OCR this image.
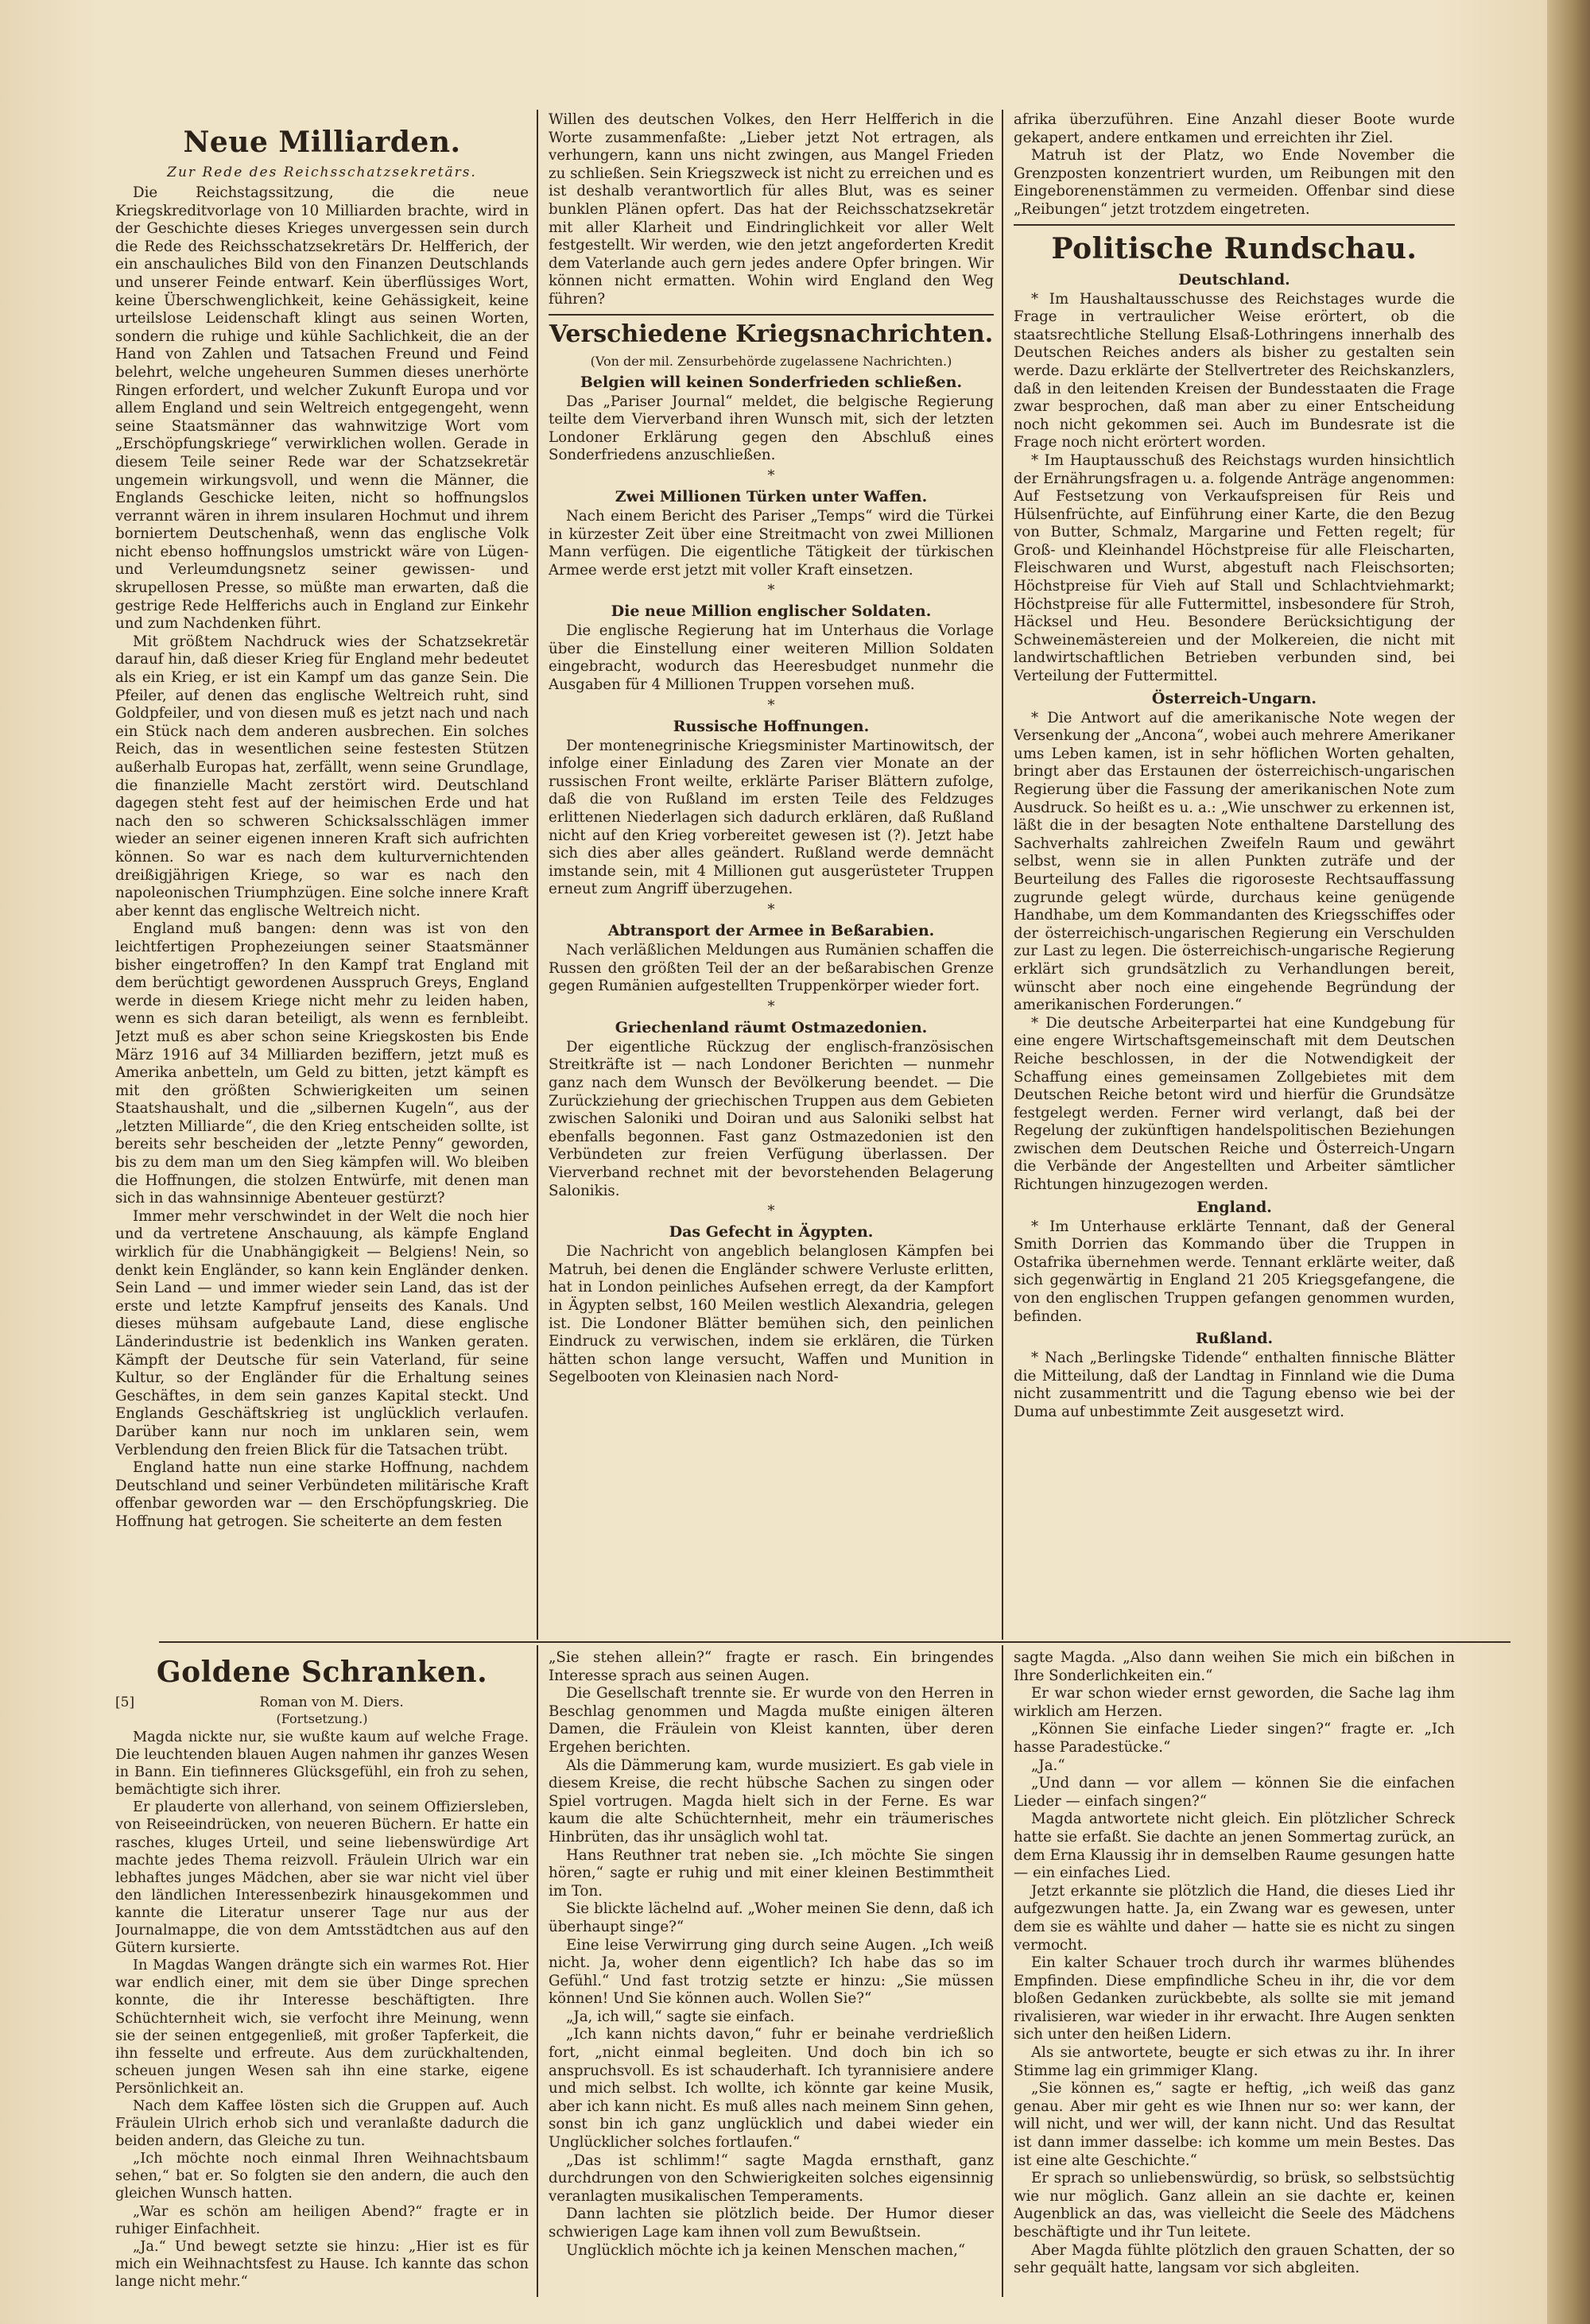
Neue Milliarden.
Zur Rede des Reichsschatzsekretärs.

Die Reichstagssitzung, die die neue Kriegskreditvorlage von 10 Milliarden brachte, wird in der Geschichte dieses Krieges unvergessen sein durch die Rede des Reichsschatzsekretärs Dr. Helfferich, der ein anschauliches Bild von den Finanzen Deutschlands und unserer Feinde entwarf. Kein überflüssiges Wort, keine Überschwenglichkeit, keine Gehässigkeit, keine urteilslose Leidenschaft klingt aus seinen Worten, sondern die ruhige und kühle Sachlichkeit, die an der Hand von Zahlen und Tatsachen Freund und Feind belehrt, welche ungeheuren Summen dieses unerhörte Ringen erfordert, und welcher Zukunft Europa und vor allem England und sein Weltreich entgegengeht, wenn seine Staatsmänner das wahnwitzige Wort vom „Erschöpfungskriege“ verwirklichen wollen. Gerade in diesem Teile seiner Rede war der Schatzsekretär ungemein wirkungsvoll, und wenn die Männer, die Englands Geschicke leiten, nicht so hoffnungslos verrannt wären in ihrem insularen Hochmut und ihrem borniertem Deutschenhaß, wenn das englische Volk nicht ebenso hoffnungslos umstrickt wäre von Lügen- und Verleumdungsnetz seiner gewissen- und skrupellosen Presse, so müßte man erwarten, daß die gestrige Rede Helfferichs auch in England zur Einkehr und zum Nachdenken führt.

Mit größtem Nachdruck wies der Schatzsekretär darauf hin, daß dieser Krieg für England mehr bedeutet als ein Krieg, er ist ein Kampf um das ganze Sein. Die Pfeiler, auf denen das englische Weltreich ruht, sind Goldpfeiler, und von diesen muß es jetzt nach und nach ein Stück nach dem anderen ausbrechen. Ein solches Reich, das in wesentlichen seine festesten Stützen außerhalb Europas hat, zerfällt, wenn seine Grundlage, die finanzielle Macht zerstört wird. Deutschland dagegen steht fest auf der heimischen Erde und hat nach den so schweren Schicksalsschlägen immer wieder an seiner eigenen inneren Kraft sich aufrichten können. So war es nach dem kulturvernichtenden dreißigjährigen Kriege, so war es nach den napoleonischen Triumphzügen. Eine solche innere Kraft aber kennt das englische Weltreich nicht.

England muß bangen: denn was ist von den leichtfertigen Prophezeiungen seiner Staatsmänner bisher eingetroffen? In den Kampf trat England mit dem berüchtigt gewordenen Ausspruch Greys, England werde in diesem Kriege nicht mehr zu leiden haben, wenn es sich daran beteiligt, als wenn es fernbleibt. Jetzt muß es aber schon seine Kriegskosten bis Ende März 1916 auf 34 Milliarden beziffern, jetzt muß es Amerika anbetteln, um Geld zu bitten, jetzt kämpft es mit den größten Schwierigkeiten um seinen Staatshaushalt, und die „silbernen Kugeln“, aus der „letzten Milliarde“, die den Krieg entscheiden sollte, ist bereits sehr bescheiden der „letzte Penny“ geworden, bis zu dem man um den Sieg kämpfen will. Wo bleiben die Hoffnungen, die stolzen Entwürfe, mit denen man sich in das wahnsinnige Abenteuer gestürzt?

Immer mehr verschwindet in der Welt die noch hier und da vertretene Anschauung, als kämpfe England wirklich für die Unabhängigkeit — Belgiens! Nein, so denkt kein Engländer, so kann kein Engländer denken. Sein Land — und immer wieder sein Land, das ist der erste und letzte Kampfruf jenseits des Kanals. Und dieses mühsam aufgebaute Land, diese englische Länderindustrie ist bedenklich ins Wanken geraten. Kämpft der Deutsche für sein Vaterland, für seine Kultur, so der Engländer für die Erhaltung seines Geschäftes, in dem sein ganzes Kapital steckt. Und Englands Geschäftskrieg ist unglücklich verlaufen. Darüber kann nur noch im unklaren sein, wem Verblendung den freien Blick für die Tatsachen trübt.

England hatte nun eine starke Hoffnung, nachdem Deutschland und seiner Verbündeten militärische Kraft offenbar geworden war — den Erschöpfungskrieg. Die Hoffnung hat getrogen. Sie scheiterte an dem festen

Willen des deutschen Volkes, den Herr Helfferich in die Worte zusammenfaßte: „Lieber jetzt Not ertragen, als verhungern, kann uns nicht zwingen, aus Mangel Frieden zu schließen. Sein Kriegszweck ist nicht zu erreichen und es ist deshalb verantwortlich für alles Blut, was es seiner bunklen Plänen opfert. Das hat der Reichsschatzsekretär mit aller Klarheit und Eindringlichkeit vor aller Welt festgestellt. Wir werden, wie den jetzt angeforderten Kredit dem Vaterlande auch gern jedes andere Opfer bringen. Wir können nicht ermatten. Wohin wird England den Weg führen?

Verschiedene Kriegsnachrichten.
(Von der mil. Zensurbehörde zugelassene Nachrichten.)
Belgien will keinen Sonderfrieden schließen.

Das „Pariser Journal“ meldet, die belgische Regierung teilte dem Vierverband ihren Wunsch mit, sich der letzten Londoner Erklärung gegen den Abschluß eines Sonderfriedens anzuschließen.

*
Zwei Millionen Türken unter Waffen.

Nach einem Bericht des Pariser „Temps“ wird die Türkei in kürzester Zeit über eine Streitmacht von zwei Millionen Mann verfügen. Die eigentliche Tätigkeit der türkischen Armee werde erst jetzt mit voller Kraft einsetzen.

*
Die neue Million englischer Soldaten.

Die englische Regierung hat im Unterhaus die Vorlage über die Einstellung einer weiteren Million Soldaten eingebracht, wodurch das Heeresbudget nunmehr die Ausgaben für 4 Millionen Truppen vorsehen muß.

*
Russische Hoffnungen.

Der montenegrinische Kriegsminister Martinowitsch, der infolge einer Einladung des Zaren vier Monate an der russischen Front weilte, erklärte Pariser Blättern zufolge, daß die von Rußland im ersten Teile des Feldzuges erlittenen Niederlagen sich dadurch erklären, daß Rußland nicht auf den Krieg vorbereitet gewesen ist (?). Jetzt habe sich dies aber alles geändert. Rußland werde demnächt imstande sein, mit 4 Millionen gut ausgerüsteter Truppen erneut zum Angriff überzugehen.

*
Abtransport der Armee in Beßarabien.

Nach verläßlichen Meldungen aus Rumänien schaffen die Russen den größten Teil der an der beßarabischen Grenze gegen Rumänien aufgestellten Truppenkörper wieder fort.

*
Griechenland räumt Ostmazedonien.

Der eigentliche Rückzug der englisch-französischen Streitkräfte ist — nach Londoner Berichten — nunmehr ganz nach dem Wunsch der Bevölkerung beendet. — Die Zurückziehung der griechischen Truppen aus dem Gebieten zwischen Saloniki und Doiran und aus Saloniki selbst hat ebenfalls begonnen. Fast ganz Ostmazedonien ist den Verbündeten zur freien Verfügung überlassen. Der Vierverband rechnet mit der bevorstehenden Belagerung Salonikis.

*
Das Gefecht in Ägypten.

Die Nachricht von angeblich belanglosen Kämpfen bei Matruh, bei denen die Engländer schwere Verluste erlitten, hat in London peinliches Aufsehen erregt, da der Kampfort in Ägypten selbst, 160 Meilen westlich Alexandria, gelegen ist. Die Londoner Blätter bemühen sich, den peinlichen Eindruck zu verwischen, indem sie erklären, die Türken hätten schon lange versucht, Waffen und Munition in Segelbooten von Kleinasien nach Nord-

afrika überzuführen. Eine Anzahl dieser Boote wurde gekapert, andere entkamen und erreichten ihr Ziel.

Matruh ist der Platz, wo Ende November die Grenzposten konzentriert wurden, um Reibungen mit den Eingeborenenstämmen zu vermeiden. Offenbar sind diese „Reibungen“ jetzt trotzdem eingetreten.

Politische Rundschau.
Deutschland.

* Im Haushaltausschusse des Reichstages wurde die Frage in vertraulicher Weise erörtert, ob die staatsrechtliche Stellung Elsaß-Lothringens innerhalb des Deutschen Reiches anders als bisher zu gestalten sein werde. Dazu erklärte der Stellvertreter des Reichskanzlers, daß in den leitenden Kreisen der Bundesstaaten die Frage zwar besprochen, daß man aber zu einer Entscheidung noch nicht gekommen sei. Auch im Bundesrate ist die Frage noch nicht erörtert worden.

* Im Hauptausschuß des Reichstags wurden hinsichtlich der Ernährungsfragen u. a. folgende Anträge angenommen: Auf Festsetzung von Verkaufspreisen für Reis und Hülsenfrüchte, auf Einführung einer Karte, die den Bezug von Butter, Schmalz, Margarine und Fetten regelt; für Groß- und Kleinhandel Höchstpreise für alle Fleischarten, Fleischwaren und Wurst, abgestuft nach Fleischsorten; Höchstpreise für Vieh auf Stall und Schlachtviehmarkt; Höchstpreise für alle Futtermittel, insbesondere für Stroh, Häcksel und Heu. Besondere Berücksichtigung der Schweinemästereien und der Molkereien, die nicht mit landwirtschaftlichen Betrieben verbunden sind, bei Verteilung der Futtermittel.

Österreich-Ungarn.

* Die Antwort auf die amerikanische Note wegen der Versenkung der „Ancona“, wobei auch mehrere Amerikaner ums Leben kamen, ist in sehr höflichen Worten gehalten, bringt aber das Erstaunen der österreichisch-ungarischen Regierung über die Fassung der amerikanischen Note zum Ausdruck. So heißt es u. a.: „Wie unschwer zu erkennen ist, läßt die in der besagten Note enthaltene Darstellung des Sachverhalts zahlreichen Zweifeln Raum und gewährt selbst, wenn sie in allen Punkten zuträfe und der Beurteilung des Falles die rigoroseste Rechtsauffassung zugrunde gelegt würde, durchaus keine genügende Handhabe, um dem Kommandanten des Kriegsschiffes oder der österreichisch-ungarischen Regierung ein Verschulden zur Last zu legen. Die österreichisch-ungarische Regierung erklärt sich grundsätzlich zu Verhandlungen bereit, wünscht aber noch eine eingehende Begründung der amerikanischen Forderungen.“

* Die deutsche Arbeiterpartei hat eine Kundgebung für eine engere Wirtschaftsgemeinschaft mit dem Deutschen Reiche beschlossen, in der die Notwendigkeit der Schaffung eines gemeinsamen Zollgebietes mit dem Deutschen Reiche betont wird und hierfür die Grundsätze festgelegt werden. Ferner wird verlangt, daß bei der Regelung der zukünftigen handelspolitischen Beziehungen zwischen dem Deutschen Reiche und Österreich-Ungarn die Verbände der Angestellten und Arbeiter sämtlicher Richtungen hinzugezogen werden.

England.

* Im Unterhause erklärte Tennant, daß der General Smith Dorrien das Kommando über die Truppen in Ostafrika übernehmen werde. Tennant erklärte weiter, daß sich gegenwärtig in England 21 205 Kriegsgefangene, die von den englischen Truppen gefangen genommen wurden, befinden.

Rußland.

* Nach „Berlingske Tidende“ enthalten finnische Blätter die Mitteilung, daß der Landtag in Finnland wie die Duma nicht zusammentritt und die Tagung ebenso wie bei der Duma auf unbestimmte Zeit ausgesetzt wird.

Goldene Schranken.
[5]	Roman von M. Diers.
(Fortsetzung.)

Magda nickte nur, sie wußte kaum auf welche Frage. Die leuchtenden blauen Augen nahmen ihr ganzes Wesen in Bann. Ein tiefinneres Glücksgefühl, ein froh zu sehen, bemächtigte sich ihrer.

Er plauderte von allerhand, von seinem Offiziersleben, von Reiseeindrücken, von neueren Büchern. Er hatte ein rasches, kluges Urteil, und seine liebenswürdige Art machte jedes Thema reizvoll. Fräulein Ulrich war ein lebhaftes junges Mädchen, aber sie war nicht viel über den ländlichen Interessenbezirk hinausgekommen und kannte die Literatur unserer Tage nur aus der Journalmappe, die von dem Amtsstädtchen aus auf den Gütern kursierte.

In Magdas Wangen drängte sich ein warmes Rot. Hier war endlich einer, mit dem sie über Dinge sprechen konnte, die ihr Interesse beschäftigten. Ihre Schüchternheit wich, sie verfocht ihre Meinung, wenn sie der seinen entgegenließ, mit großer Tapferkeit, die ihn fesselte und erfreute. Aus dem zurückhaltenden, scheuen jungen Wesen sah ihn eine starke, eigene Persönlichkeit an.

Nach dem Kaffee lösten sich die Gruppen auf. Auch Fräulein Ulrich erhob sich und veranlaßte dadurch die beiden andern, das Gleiche zu tun.

„Ich möchte noch einmal Ihren Weihnachtsbaum sehen,“ bat er. So folgten sie den andern, die auch den gleichen Wunsch hatten.

„War es schön am heiligen Abend?“ fragte er in ruhiger Einfachheit.

„Ja.“ Und bewegt setzte sie hinzu: „Hier ist es für mich ein Weihnachtsfest zu Hause. Ich kannte das schon lange nicht mehr.“

„Sie stehen allein?“ fragte er rasch. Ein bringendes Interesse sprach aus seinen Augen.

Die Gesellschaft trennte sie. Er wurde von den Herren in Beschlag genommen und Magda mußte einigen älteren Damen, die Fräulein von Kleist kannten, über deren Ergehen berichten.

Als die Dämmerung kam, wurde musiziert. Es gab viele in diesem Kreise, die recht hübsche Sachen zu singen oder Spiel vortrugen. Magda hielt sich in der Ferne. Es war kaum die alte Schüchternheit, mehr ein träumerisches Hinbrüten, das ihr unsäglich wohl tat.

Hans Reuthner trat neben sie. „Ich möchte Sie singen hören,“ sagte er ruhig und mit einer kleinen Bestimmtheit im Ton.

Sie blickte lächelnd auf. „Woher meinen Sie denn, daß ich überhaupt singe?“

Eine leise Verwirrung ging durch seine Augen. „Ich weiß nicht. Ja, woher denn eigentlich? Ich habe das so im Gefühl.“ Und fast trotzig setzte er hinzu: „Sie müssen können! Und Sie können auch. Wollen Sie?“

„Ja, ich will,“ sagte sie einfach.

„Ich kann nichts davon,“ fuhr er beinahe verdrießlich fort, „nicht einmal begleiten. Und doch bin ich so anspruchsvoll. Es ist schauderhaft. Ich tyrannisiere andere und mich selbst. Ich wollte, ich könnte gar keine Musik, aber ich kann nicht. Es muß alles nach meinem Sinn gehen, sonst bin ich ganz unglücklich und dabei wieder ein Unglücklicher solches fortlaufen.“

„Das ist schlimm!“ sagte Magda ernsthaft, ganz durchdrungen von den Schwierigkeiten solches eigensinnig veranlagten musikalischen Temperaments.

Dann lachten sie plötzlich beide. Der Humor dieser schwierigen Lage kam ihnen voll zum Bewußtsein.

Unglücklich möchte ich ja keinen Menschen machen,“

sagte Magda. „Also dann weihen Sie mich ein bißchen in Ihre Sonderlichkeiten ein.“

Er war schon wieder ernst geworden, die Sache lag ihm wirklich am Herzen.

„Können Sie einfache Lieder singen?“ fragte er. „Ich hasse Paradestücke.“

„Ja.“

„Und dann — vor allem — können Sie die einfachen Lieder — einfach singen?“

Magda antwortete nicht gleich. Ein plötzlicher Schreck hatte sie erfaßt. Sie dachte an jenen Sommertag zurück, an dem Erna Klaussig ihr in demselben Raume gesungen hatte — ein einfaches Lied.

Jetzt erkannte sie plötzlich die Hand, die dieses Lied ihr aufgezwungen hatte. Ja, ein Zwang war es gewesen, unter dem sie es wählte und daher — hatte sie es nicht zu singen vermocht.

Ein kalter Schauer troch durch ihr warmes blühendes Empfinden. Diese empfindliche Scheu in ihr, die vor dem bloßen Gedanken zurückbebte, als sollte sie mit jemand rivalisieren, war wieder in ihr erwacht. Ihre Augen senkten sich unter den heißen Lidern.

Als sie antwortete, beugte er sich etwas zu ihr. In ihrer Stimme lag ein grimmiger Klang.

„Sie können es,“ sagte er heftig, „ich weiß das ganz genau. Aber mir geht es wie Ihnen nur so: wer kann, der will nicht, und wer will, der kann nicht. Und das Resultat ist dann immer dasselbe: ich komme um mein Bestes. Das ist eine alte Geschichte.“

Er sprach so unliebenswürdig, so brüsk, so selbstsüchtig wie nur möglich. Ganz allein an sie dachte er, keinen Augenblick an das, was vielleicht die Seele des Mädchens beschäftigte und ihr Tun leitete.

Aber Magda fühlte plötzlich den grauen Schatten, der so sehr gequält hatte, langsam vor sich abgleiten.
